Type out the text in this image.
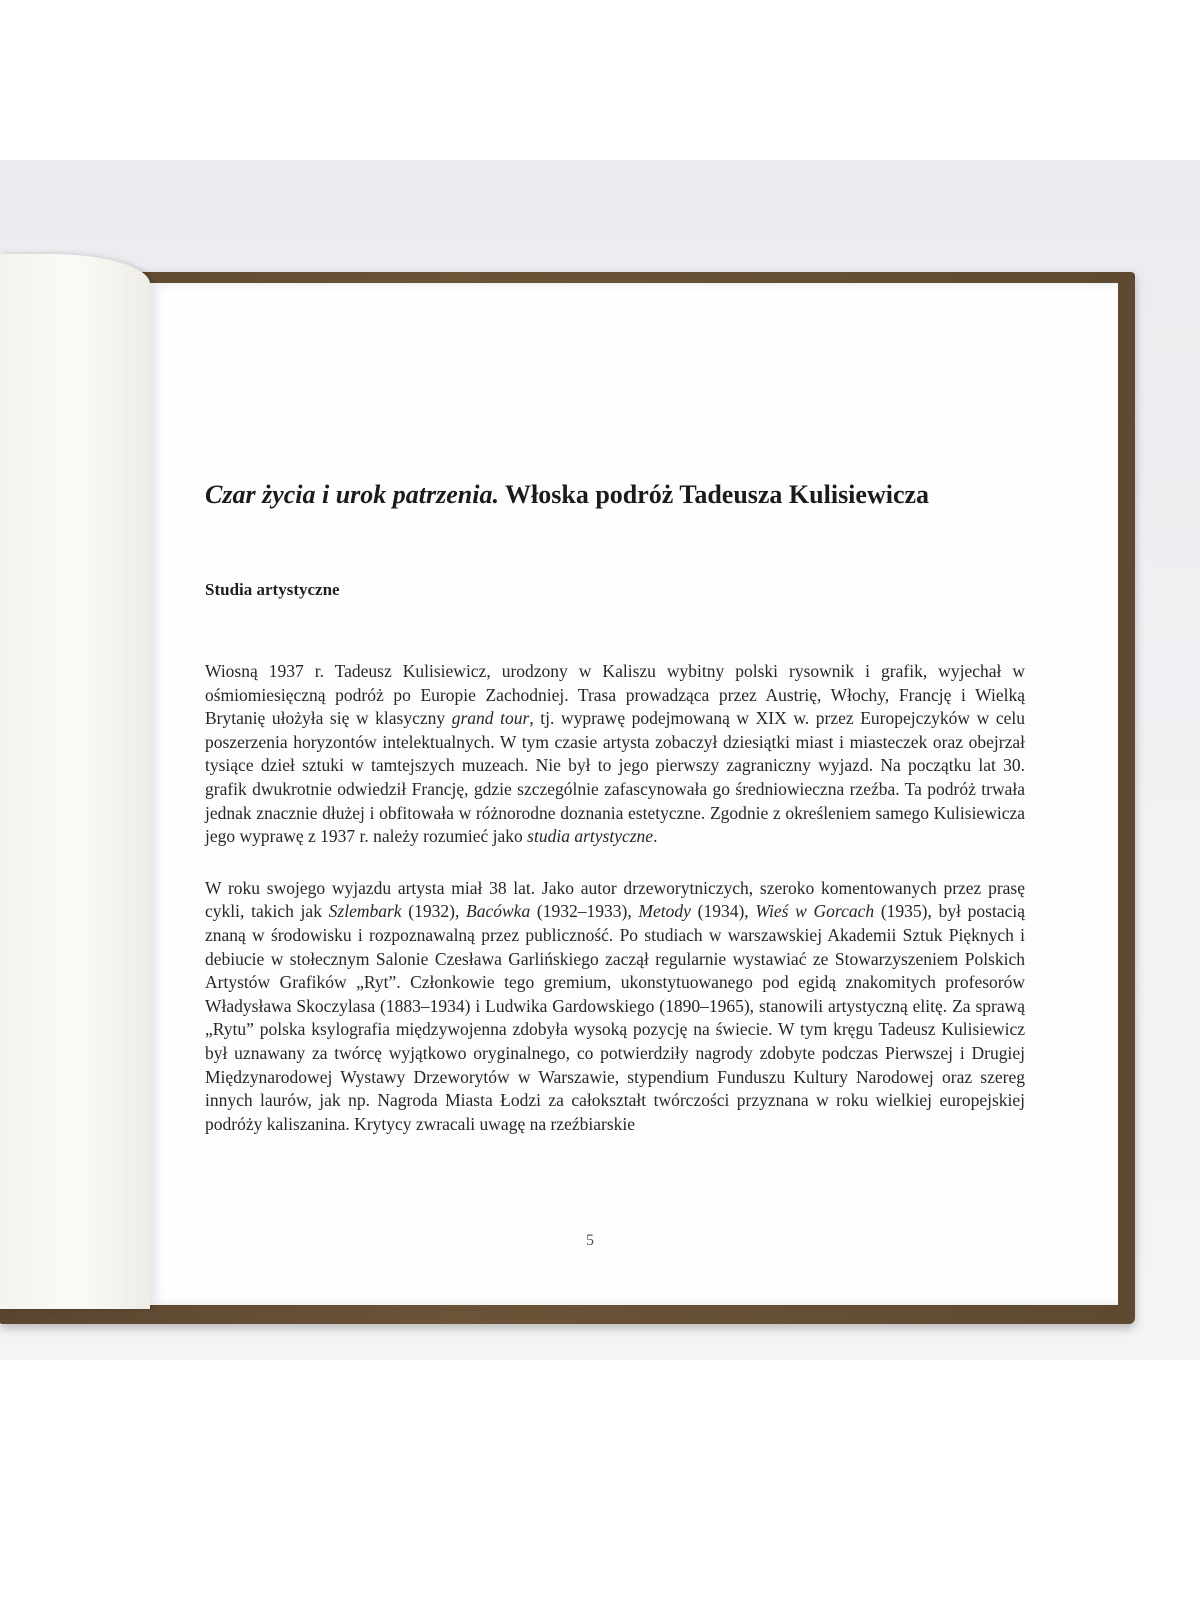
Czar życia i urok patrzenia. Włoska podróż Tadeusza Kulisiewicza
Studia artystyczne

Wiosną 1937 r. Tadeusz Kulisiewicz, urodzony w Kaliszu wybitny polski rysownik i grafik, wyjechał w ośmiomiesięczną podróż po Europie Zachodniej. Trasa prowadząca przez Austrię, Włochy, Francję i Wielką Brytanię ułożyła się w klasyczny grand tour, tj. wyprawę podejmowaną w XIX w. przez Europejczyków w celu poszerzenia horyzontów intelektualnych. W tym czasie artysta zobaczył dziesiątki miast i miasteczek oraz obejrzał tysiące dzieł sztuki w tamtejszych muzeach. Nie był to jego pierwszy zagraniczny wyjazd. Na początku lat 30. grafik dwukrotnie odwiedził Francję, gdzie szczególnie zafascynowała go średniowieczna rzeźba. Ta podróż trwała jednak znacznie dłużej i obfitowała w różnorodne doznania estetyczne. Zgodnie z określeniem samego Kulisiewicza jego wyprawę z 1937 r. należy rozumieć jako studia artystyczne.

W roku swojego wyjazdu artysta miał 38 lat. Jako autor drzeworytniczych, szeroko komentowanych przez prasę cykli, takich jak Szlembark (1932), Bacówka (1932–1933), Metody (1934), Wieś w Gorcach (1935), był postacią znaną w środowisku i rozpoznawalną przez publiczność. Po studiach w warszawskiej Akademii Sztuk Pięknych i debiucie w stołecznym Salonie Czesława Garlińskiego zaczął regularnie wystawiać ze Stowarzyszeniem Polskich Artystów Grafików „Ryt”. Członkowie tego gremium, ukonstytuowanego pod egidą znakomitych profesorów Władysława Skoczylasa (1883–1934) i Ludwika Gardowskiego (1890–1965), stanowili artystyczną elitę. Za sprawą „Rytu” polska ksylografia międzywojenna zdobyła wysoką pozycję na świecie. W tym kręgu Tadeusz Kulisiewicz był uznawany za twórcę wyjątkowo oryginalnego, co potwierdziły nagrody zdobyte podczas Pierwszej i Drugiej Międzynarodowej Wystawy Drzeworytów w Warszawie, stypendium Funduszu Kultury Narodowej oraz szereg innych laurów, jak np. Nagroda Miasta Łodzi za całokształt twórczości przyznana w roku wielkiej europejskiej podróży kaliszanina. Krytycy zwracali uwagę na rzeźbiarskie

5
